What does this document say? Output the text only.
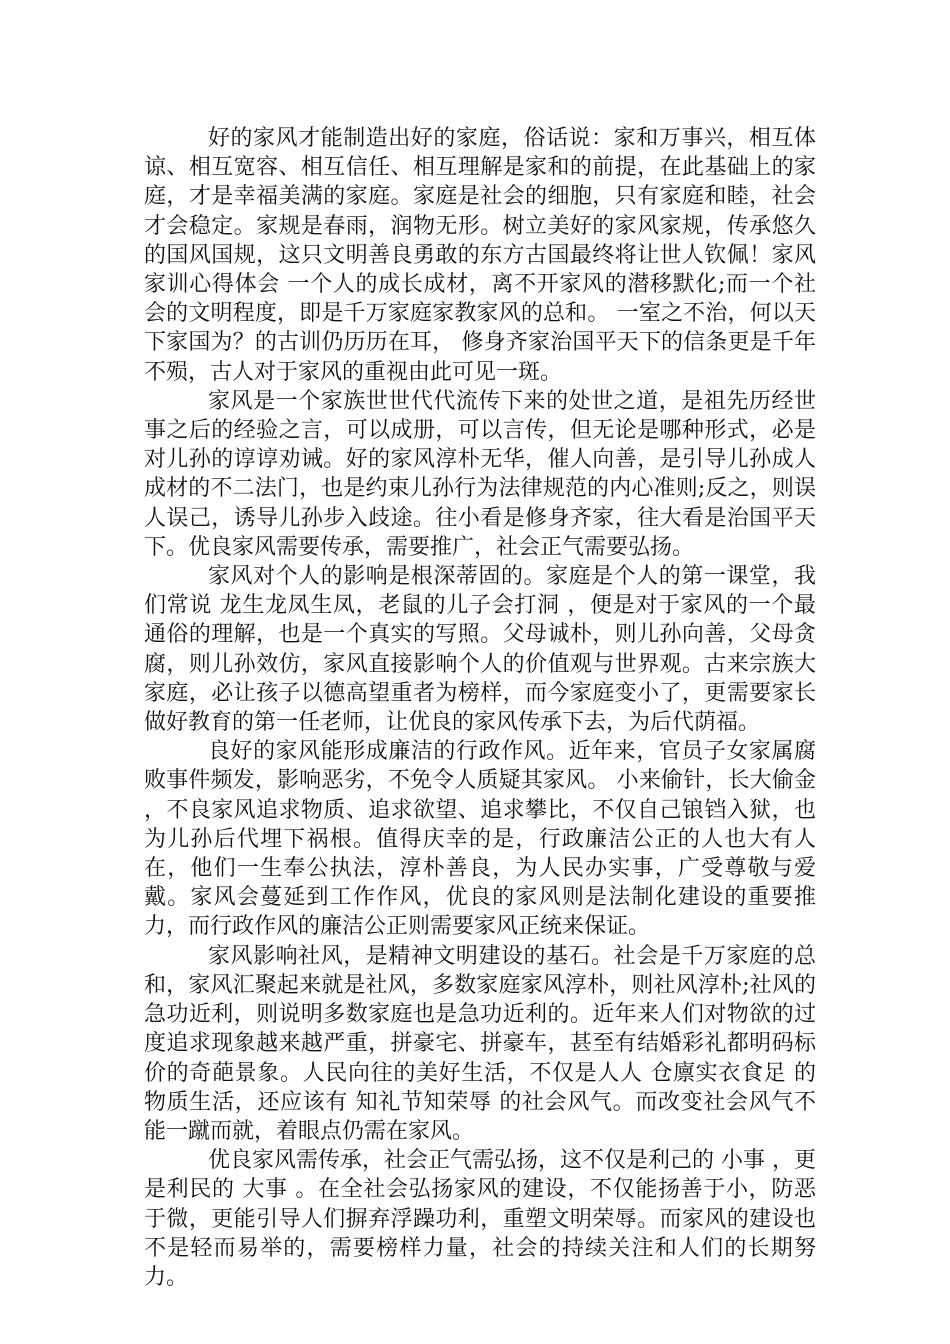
好的家风才能制造出好的家庭，俗话说：家和万事兴，相互体谅、相互宽容、相互信任、相互理解是家和的前提，在此基础上的家庭，才是幸福美满的家庭。家庭是社会的细胞，只有家庭和睦，社会才会稳定。家规是春雨，润物无形。树立美好的家风家规，传承悠久的国风国规，这只文明善良勇敢的东方古国最终将让世人钦佩！家风家训心得体会 一个人的成长成材，离不开家风的潜移默化;而一个社会的文明程度，即是千万家庭家教家风的总和。 一室之不治，何以天下家国为？的古训仍历历在耳， 修身齐家治国平天下的信条更是千年不殒，古人对于家风的重视由此可见一斑。

家风是一个家族世世代代流传下来的处世之道，是祖先历经世事之后的经验之言，可以成册，可以言传，但无论是哪种形式，必是对儿孙的谆谆劝诫。好的家风淳朴无华，催人向善，是引导儿孙成人成材的不二法门，也是约束儿孙行为法律规范的内心准则;反之，则误人误己，诱导儿孙步入歧途。往小看是修身齐家，往大看是治国平天下。优良家风需要传承，需要推广，社会正气需要弘扬。

家风对个人的影响是根深蒂固的。家庭是个人的第一课堂，我们常说 龙生龙凤生凤，老鼠的儿子会打洞 ，便是对于家风的一个最通俗的理解，也是一个真实的写照。父母诚朴，则儿孙向善，父母贪腐，则儿孙效仿，家风直接影响个人的价值观与世界观。古来宗族大家庭，必让孩子以德高望重者为榜样，而今家庭变小了，更需要家长做好教育的第一任老师，让优良的家风传承下去，为后代荫福。

良好的家风能形成廉洁的行政作风。近年来，官员子女家属腐败事件频发，影响恶劣，不免令人质疑其家风。 小来偷针，长大偷金 ，不良家风追求物质、追求欲望、追求攀比，不仅自己锒铛入狱，也为儿孙后代埋下祸根。值得庆幸的是，行政廉洁公正的人也大有人在，他们一生奉公执法，淳朴善良，为人民办实事，广受尊敬与爱戴。家风会蔓延到工作作风，优良的家风则是法制化建设的重要推力，而行政作风的廉洁公正则需要家风正统来保证。

家风影响社风，是精神文明建设的基石。社会是千万家庭的总和，家风汇聚起来就是社风，多数家庭家风淳朴，则社风淳朴;社风的急功近利，则说明多数家庭也是急功近利的。近年来人们对物欲的过度追求现象越来越严重，拼豪宅、拼豪车，甚至有结婚彩礼都明码标价的奇葩景象。人民向往的美好生活，不仅是人人 仓廪实衣食足 的物质生活，还应该有 知礼节知荣辱 的社会风气。而改变社会风气不能一蹴而就，着眼点仍需在家风。

优良家风需传承，社会正气需弘扬，这不仅是利己的 小事 ，更是利民的 大事 。在全社会弘扬家风的建设，不仅能扬善于小，防恶于微，更能引导人们摒弃浮躁功利，重塑文明荣辱。而家风的建设也不是轻而易举的，需要榜样力量，社会的持续关注和人们的长期努力。
